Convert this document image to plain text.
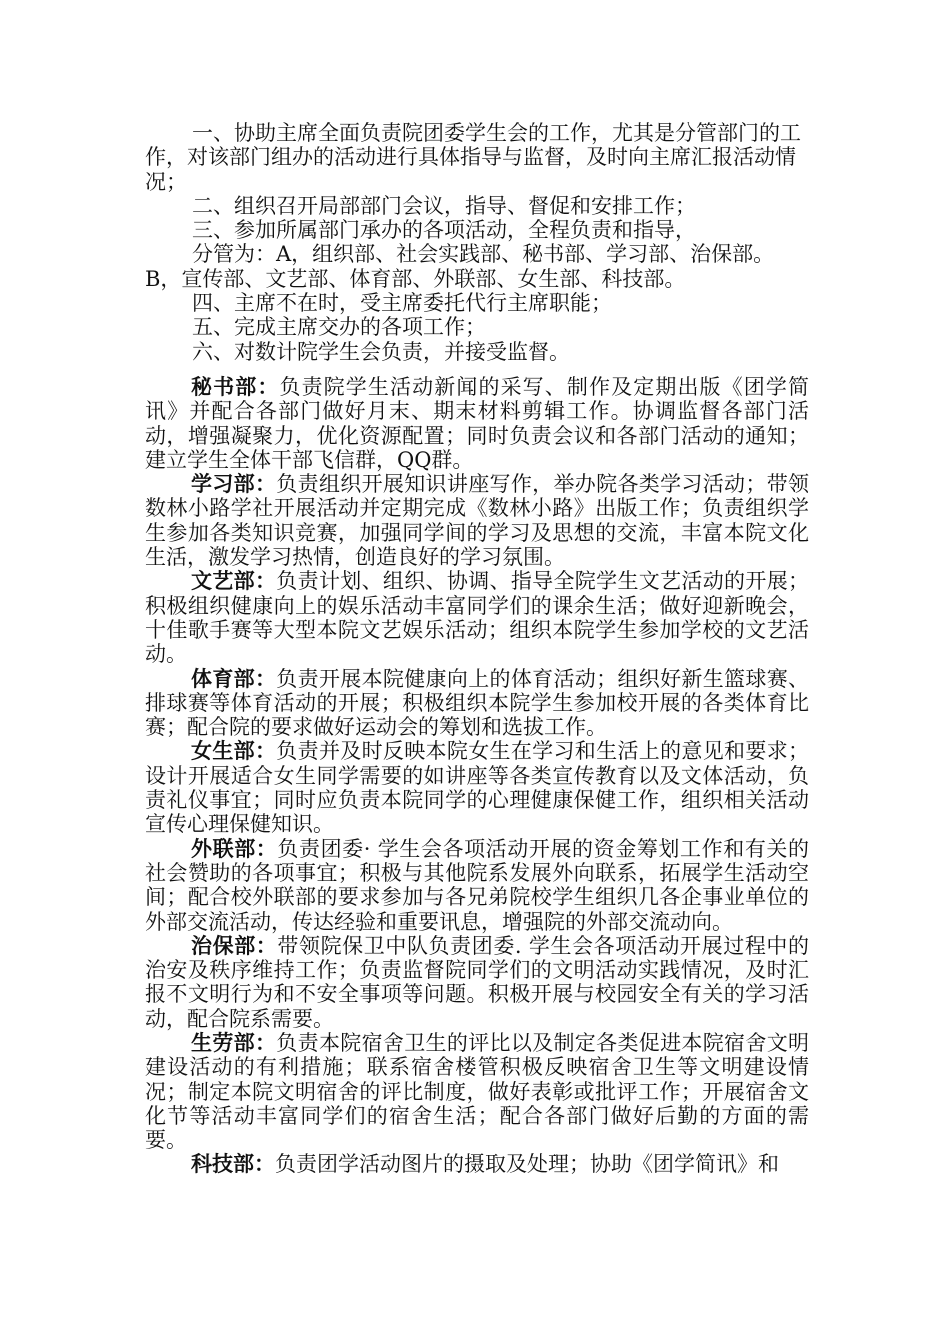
一、协助主席全面负责院团委学生会的工作，尤其是分管部门的工作，对该部门组办的活动进行具体指导与监督，及时向主席汇报活动情况；

二、组织召开局部部门会议，指导、督促和安排工作；

三、参加所属部门承办的各项活动，全程负责和指导，

分管为：A，组织部、社会实践部、秘书部、学习部、治保部。B，宣传部、文艺部、体育部、外联部、女生部、科技部。

四、主席不在时，受主席委托代行主席职能；

五、完成主席交办的各项工作；

六、对数计院学生会负责，并接受监督。

秘书部：负责院学生活动新闻的采写、制作及定期出版《团学简讯》并配合各部门做好月末、期末材料剪辑工作。协调监督各部门活动，增强凝聚力，优化资源配置；同时负责会议和各部门活动的通知；建立学生全体干部飞信群，QQ群。

学习部：负责组织开展知识讲座写作，举办院各类学习活动；带领数林小路学社开展活动并定期完成《数林小路》出版工作；负责组织学生参加各类知识竞赛，加强同学间的学习及思想的交流，丰富本院文化生活，激发学习热情，创造良好的学习氛围。

文艺部：负责计划、组织、协调、指导全院学生文艺活动的开展；积极组织健康向上的娱乐活动丰富同学们的课余生活；做好迎新晚会，十佳歌手赛等大型本院文艺娱乐活动；组织本院学生参加学校的文艺活动。

体育部：负责开展本院健康向上的体育活动；组织好新生篮球赛、排球赛等体育活动的开展；积极组织本院学生参加校开展的各类体育比赛；配合院的要求做好运动会的筹划和选拔工作。

女生部：负责并及时反映本院女生在学习和生活上的意见和要求；设计开展适合女生同学需要的如讲座等各类宣传教育以及文体活动，负责礼仪事宜；同时应负责本院同学的心理健康保健工作，组织相关活动宣传心理保健知识。

外联部：负责团委· 学生会各项活动开展的资金筹划工作和有关的社会赞助的各项事宜；积极与其他院系发展外向联系，拓展学生活动空间；配合校外联部的要求参加与各兄弟院校学生组织几各企事业单位的外部交流活动，传达经验和重要讯息，增强院的外部交流动向。

治保部：带领院保卫中队负责团委. 学生会各项活动开展过程中的治安及秩序维持工作；负责监督院同学们的文明活动实践情况，及时汇报不文明行为和不安全事项等问题。积极开展与校园安全有关的学习活动，配合院系需要。

生劳部：负责本院宿舍卫生的评比以及制定各类促进本院宿舍文明建设活动的有利措施；联系宿舍楼管积极反映宿舍卫生等文明建设情况；制定本院文明宿舍的评比制度，做好表彰或批评工作；开展宿舍文化节等活动丰富同学们的宿舍生活；配合各部门做好后勤的方面的需要。

科技部：负责团学活动图片的摄取及处理；协助《团学简讯》和
